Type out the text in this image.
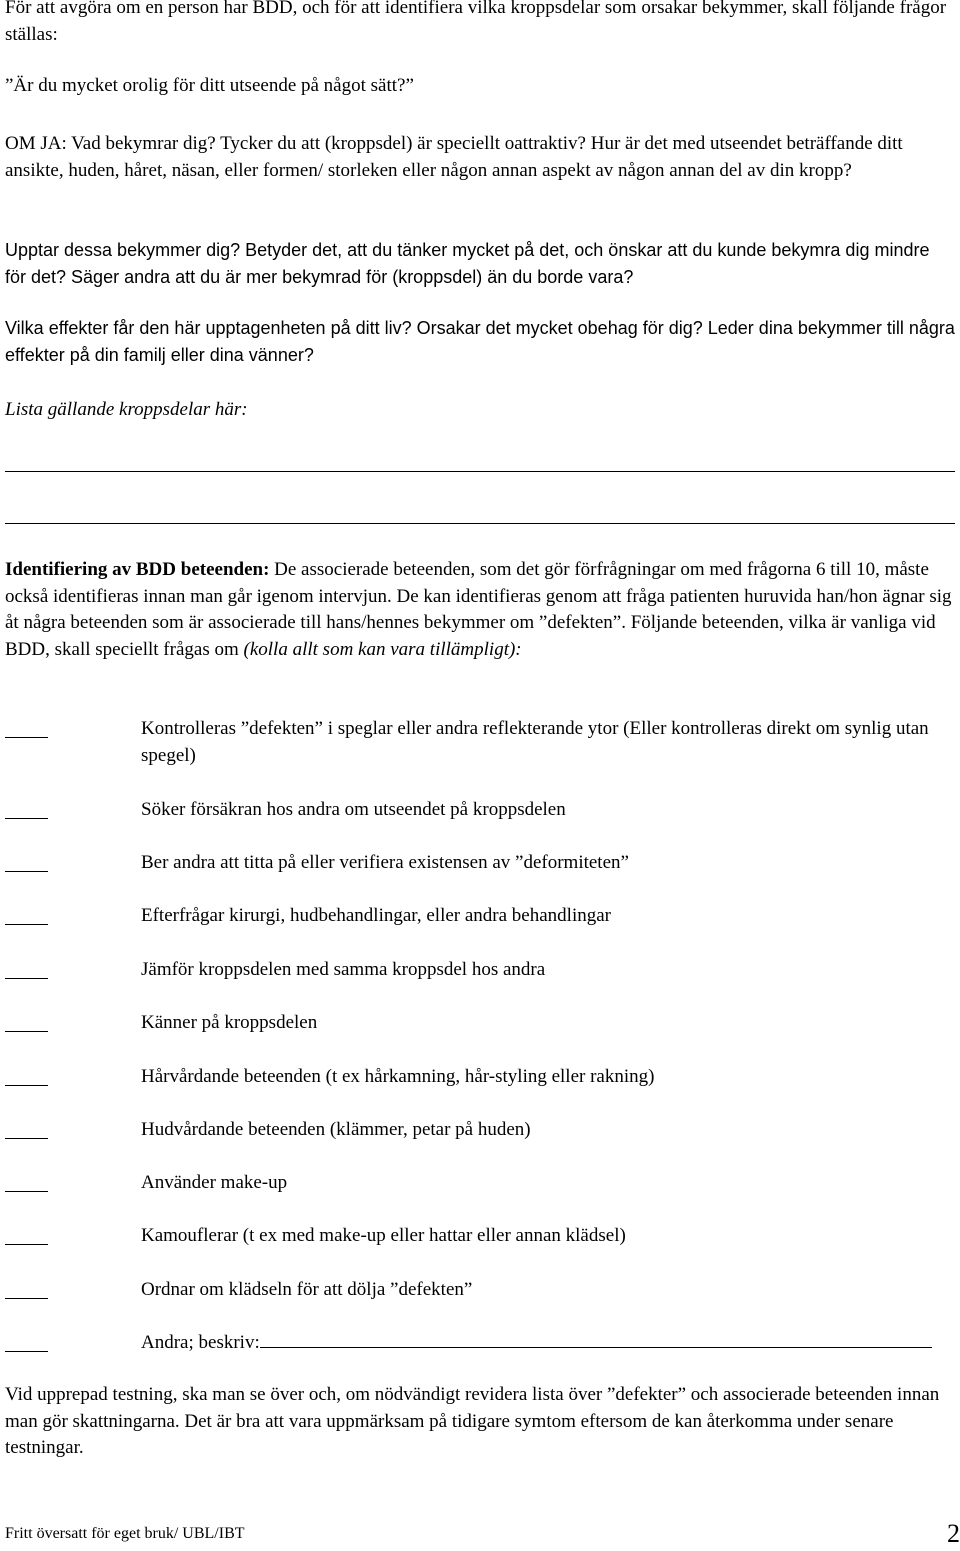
För att avgöra om en person har BDD, och för att identifiera vilka kroppsdelar som orsakar bekymmer, skall följande frågor ställas:

”Är du mycket orolig för ditt utseende på något sätt?”

OM JA: Vad bekymrar dig? Tycker du att (kroppsdel) är speciellt oattraktiv? Hur är det med utseendet beträffande ditt ansikte, huden, håret, näsan, eller formen/ storleken eller någon annan aspekt av någon annan del av din kropp?

Upptar dessa bekymmer dig? Betyder det, att du tänker mycket på det, och önskar att du kunde bekymra dig mindre för det? Säger andra att du är mer bekymrad för (kroppsdel) än du borde vara?

Vilka effekter får den här upptagenheten på ditt liv? Orsakar det mycket obehag för dig? Leder dina bekymmer till några effekter på din familj eller dina vänner?

Lista gällande kroppsdelar här:

Identifiering av BDD beteenden: De associerade beteenden, som det gör förfrågningar om med frågorna 6 till 10, måste också identifieras innan man går igenom intervjun. De kan identifieras genom att fråga patienten huruvida han/hon ägnar sig åt några beteenden som är associerade till hans/hennes bekymmer om ”defekten”. Följande beteenden, vilka är vanliga vid BDD, skall speciellt frågas om (kolla allt som kan vara tillämpligt):

Kontrolleras ”defekten” i speglar eller andra reflekterande ytor (Eller kontrolleras direkt om synlig utan spegel)
Söker försäkran hos andra om utseendet på kroppsdelen
Ber andra att titta på eller verifiera existensen av ”deformiteten”
Efterfrågar kirurgi, hudbehandlingar, eller andra behandlingar
Jämför kroppsdelen med samma kroppsdel hos andra
Känner på kroppsdelen
Hårvårdande beteenden (t ex hårkamning, hår-styling eller rakning)
Hudvårdande beteenden (klämmer, petar på huden)
Använder make-up
Kamouflerar (t ex med make-up eller hattar eller annan klädsel)
Ordnar om klädseln för att dölja ”defekten”
Andra; beskriv:

Vid upprepad testning, ska man se över och, om nödvändigt revidera lista över ”defekter” och associerade beteenden innan man gör skattningarna. Det är bra att vara uppmärksam på tidigare symtom eftersom de kan återkomma under senare testningar.

Fritt översatt för eget bruk/ UBL/IBT	2
